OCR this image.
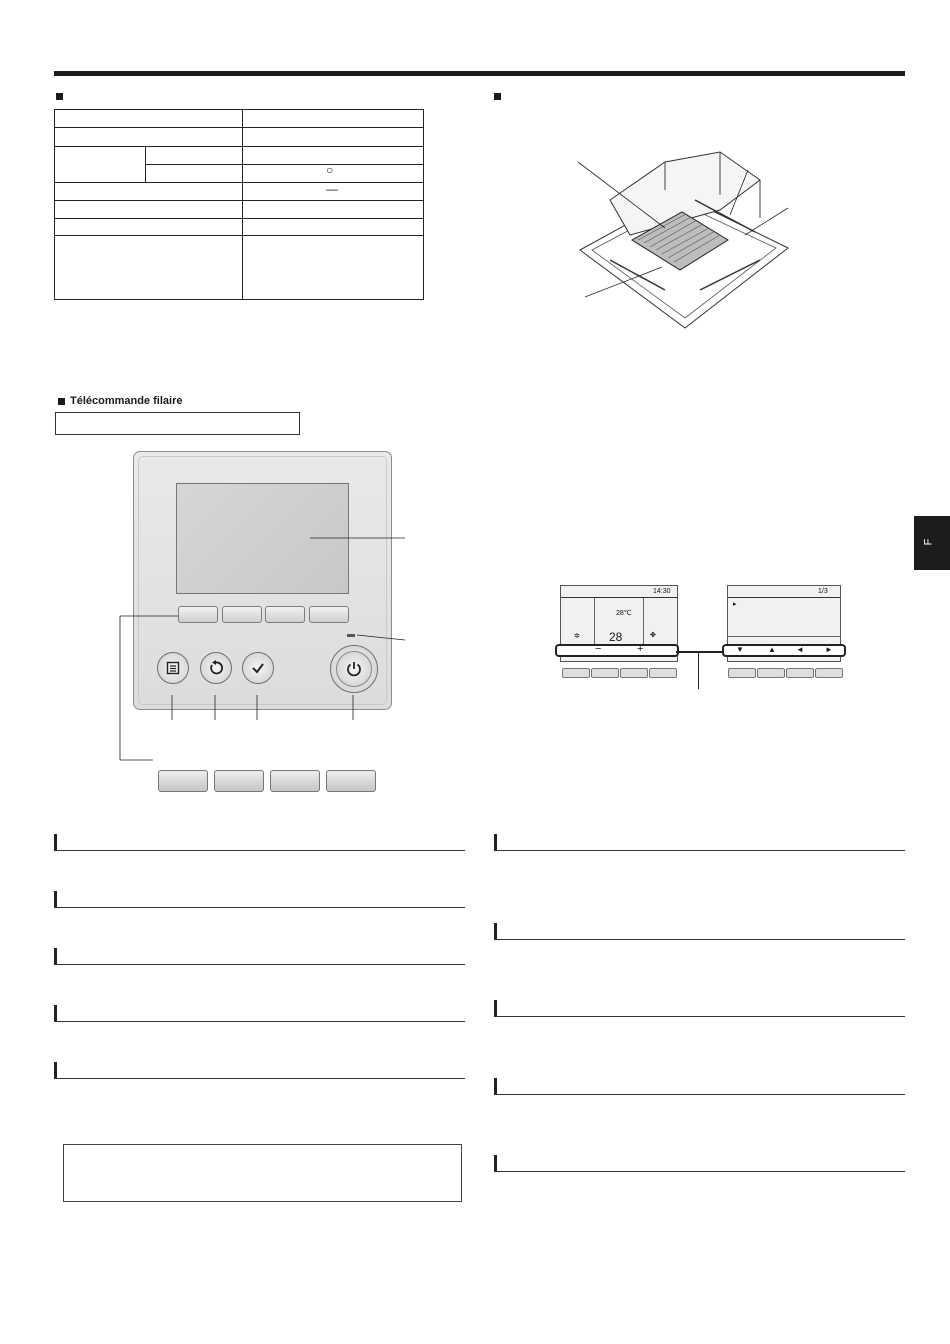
○
—
Télécommande filaire
F
14:30
28℃
28
✲	✤
−	+
1/3
▸
▼	▲	◄	►
